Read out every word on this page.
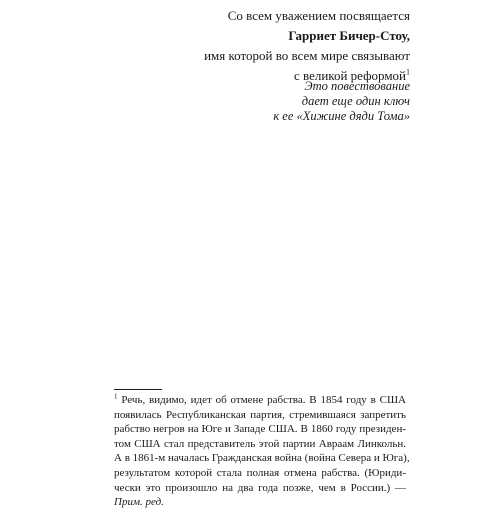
Со всем уважением посвящается
Гарриет Бичер-Стоу,
имя которой во всем мире связывают
с великой реформой$^1$
Это повествование
дает еще один ключ
к ее «Хижине дяди Тома»
$^1$ Речь, видимо, идет об отмене рабства. В 1854 году в США
появилась Республиканская партия, стремившаяся запретить
рабство негров на Юге и Западе США. В 1860 году президен-
том США стал представитель этой партии Авраам Линкольн.
А в 1861-м началась Гражданская война (война Севера и Юга),
результатом которой стала полная отмена рабства. (Юриди-
чески это произошло на два года позже, чем в России.) —
Прим. ред.
